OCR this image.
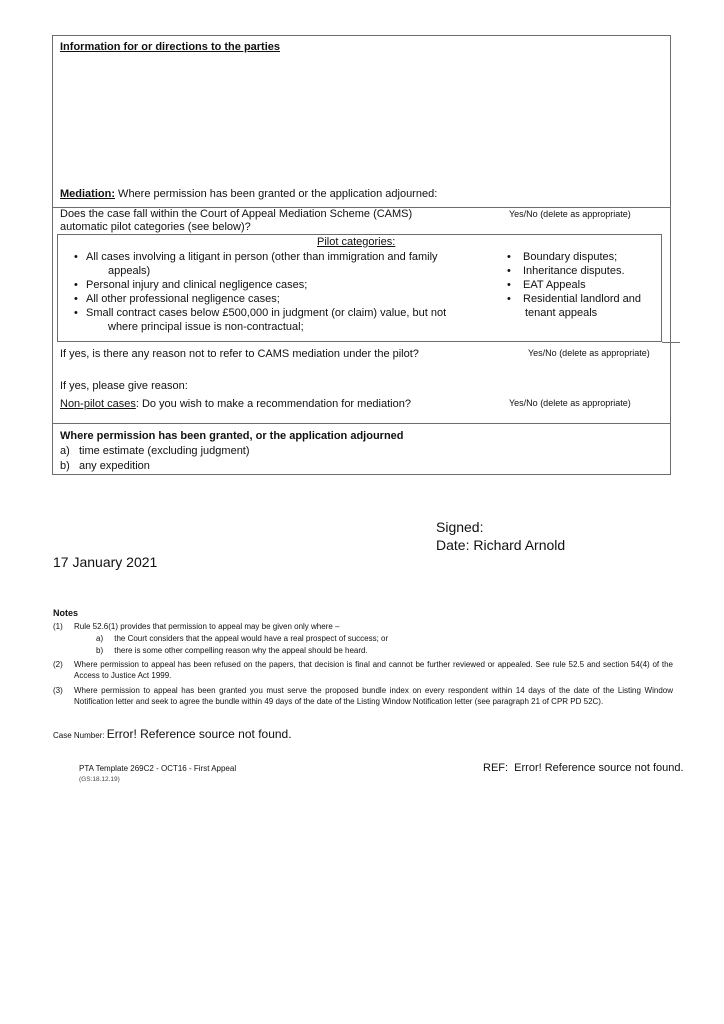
Information for or directions to the parties
Mediation: Where permission has been granted or the application adjourned:
Does the case fall within the Court of Appeal Mediation Scheme (CAMS)
automatic pilot categories (see below)?
Yes/No (delete as appropriate)
Pilot categories:
• All cases involving a litigant in person (other than immigration and family
appeals)
• Personal injury and clinical negligence cases;
• All other professional negligence cases;
• Small contract cases below £500,000 in judgment (or claim) value, but not
where principal issue is non-contractual;
• Boundary disputes;
• Inheritance disputes.
• EAT Appeals
• Residential landlord and
tenant appeals
If yes, is there any reason not to refer to CAMS mediation under the pilot?	Yes/No (delete as appropriate)
If yes, please give reason:
Non-pilot cases: Do you wish to make a recommendation for mediation?	Yes/No (delete as appropriate)
Where permission has been granted, or the application adjourned
a)   time estimate (excluding judgment)
b)   any expedition
Signed:
Date: Richard Arnold
17 January 2021
Notes
(1) Rule 52.6(1) provides that permission to appeal may be given only where –
a)     the Court considers that the appeal would have a real prospect of success; or
b)     there is some other compelling reason why the appeal should be heard.
(2) Where permission to appeal has been refused on the papers, that decision is final and cannot be further reviewed or appealed. See rule 52.5 and section 54(4) of the Access to Justice Act 1999.
(3) Where permission to appeal has been granted you must serve the proposed bundle index on every respondent within 14 days of the date of the Listing Window Notification letter and seek to agree the bundle within 49 days of the date of the Listing Window Notification letter (see paragraph 21 of CPR PD 52C).
Case Number: Error! Reference source not found.
PTA Template 269C2 - OCT16 - First Appeal
(GS:18.12.19)
REF:  Error! Reference source not found.
